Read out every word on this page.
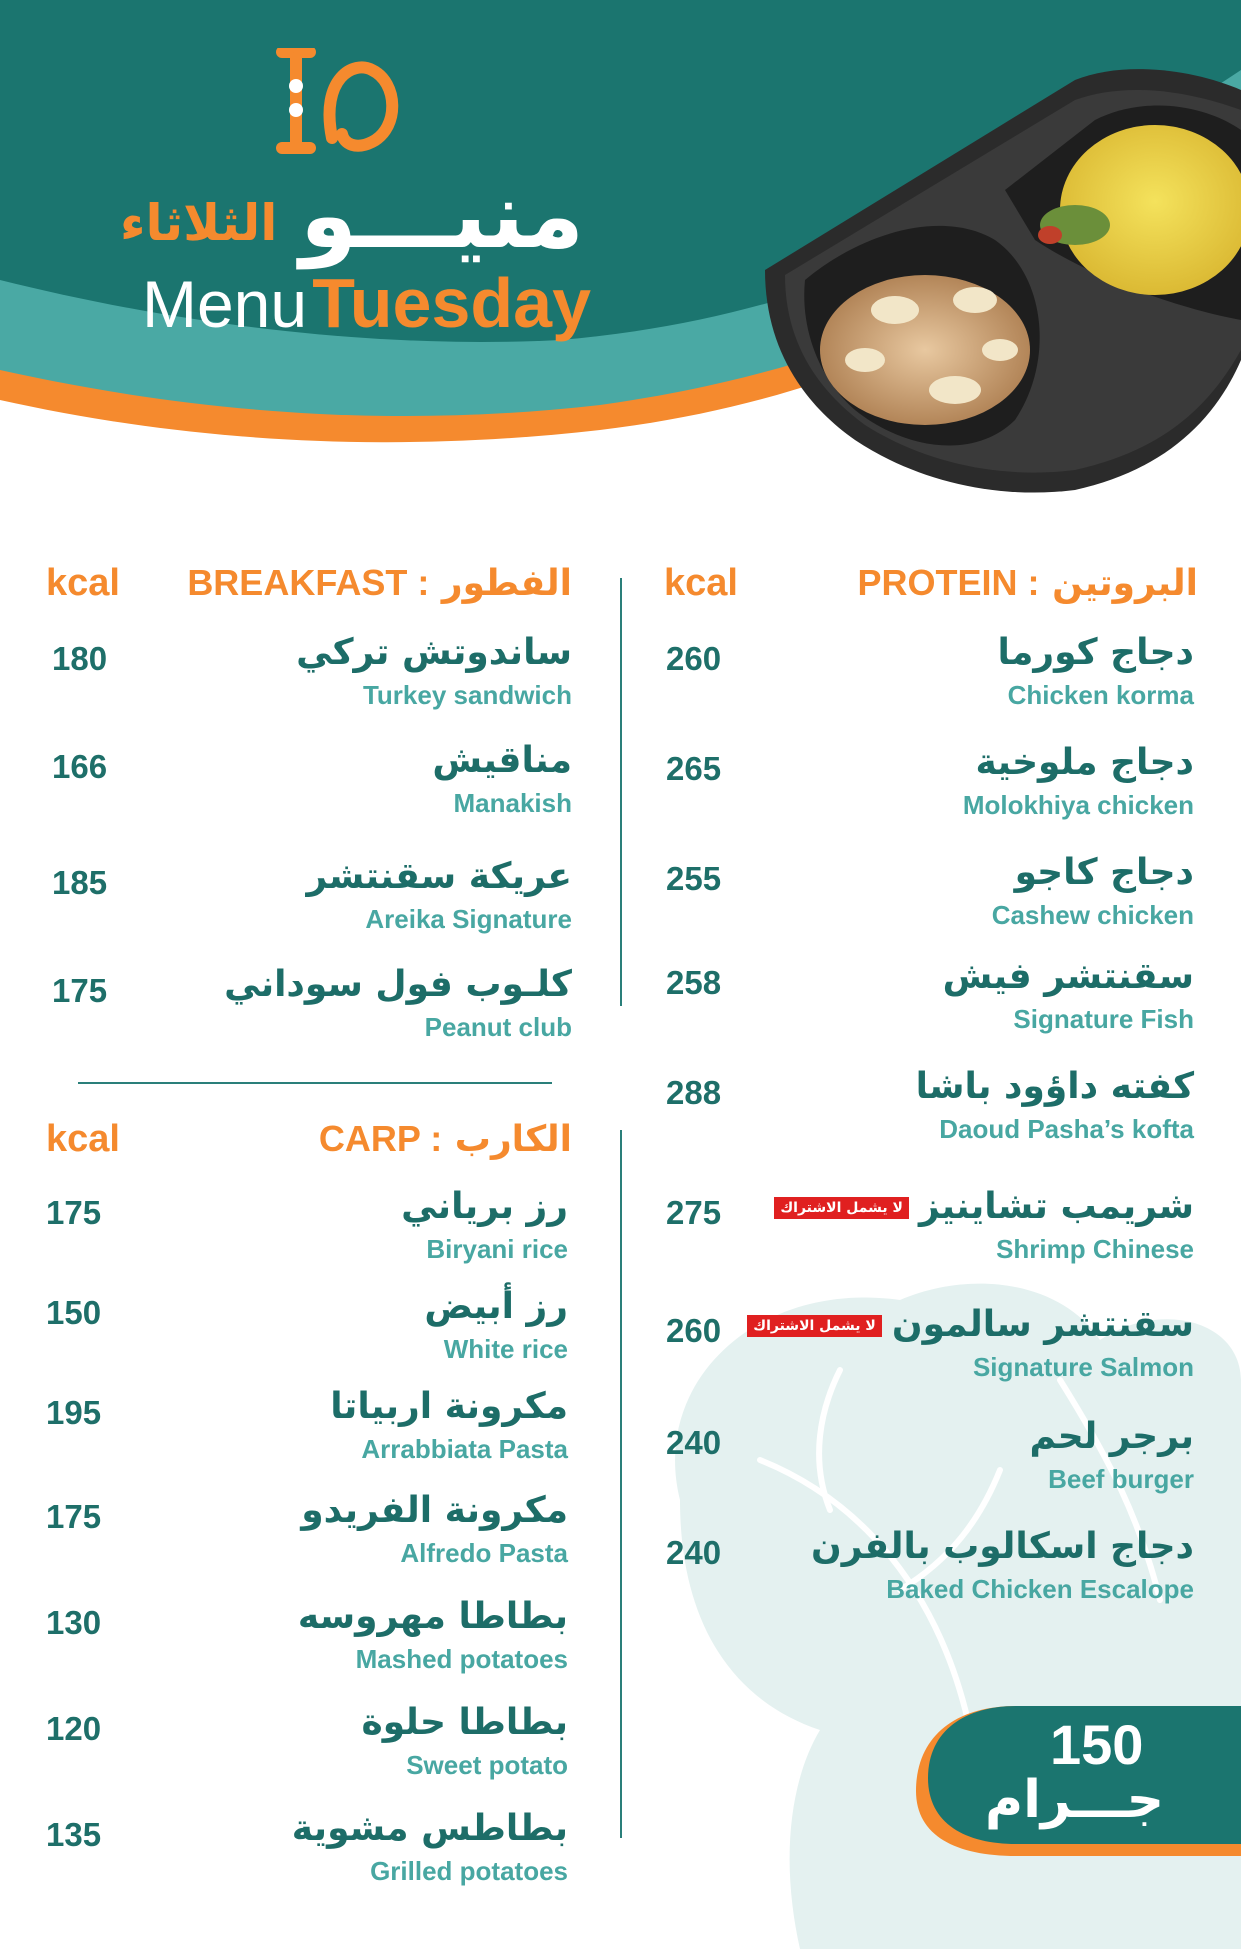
منيـــو
الثلاثاء
Menu Tuesday
kcal	PROTEIN : البروتين
260	دجاج كورما
Chicken korma
265	دجاج ملوخية
Molokhiya chicken
255	دجاج كاجو
Cashew chicken
258	سقنتشر فيش
Signature Fish
288	كفته داؤود باشا
Daoud Pasha’s kofta
275	شريمب تشاينيزلا يشمل الاشتراك
Shrimp Chinese
260	سقنتشر سالمونلا يشمل الاشتراك
Signature Salmon
240	برجر لحم
Beef burger
240 دجاج اسكالوب بالفرن
Baked Chicken Escalope
kcal BREAKFAST : الفطور
180	ساندوتش تركي
Turkey sandwich
166	مناقيش
Manakish
185	عريكة سقنتشر
Areika Signature
175	كلـوب فول سوداني
Peanut club
kcal	CARP : الكارب
175	رز برياني
Biryani rice
150	رز أبيض
White rice
195	مكرونة اربياتا
Arrabbiata Pasta
175	مكرونة الفريدو
Alfredo Pasta
130	بطاطا مهروسه
Mashed potatoes
120	بطاطا حلوة
Sweet potato
135	بطاطس مشوية
Grilled potatoes
150
جـــرام
